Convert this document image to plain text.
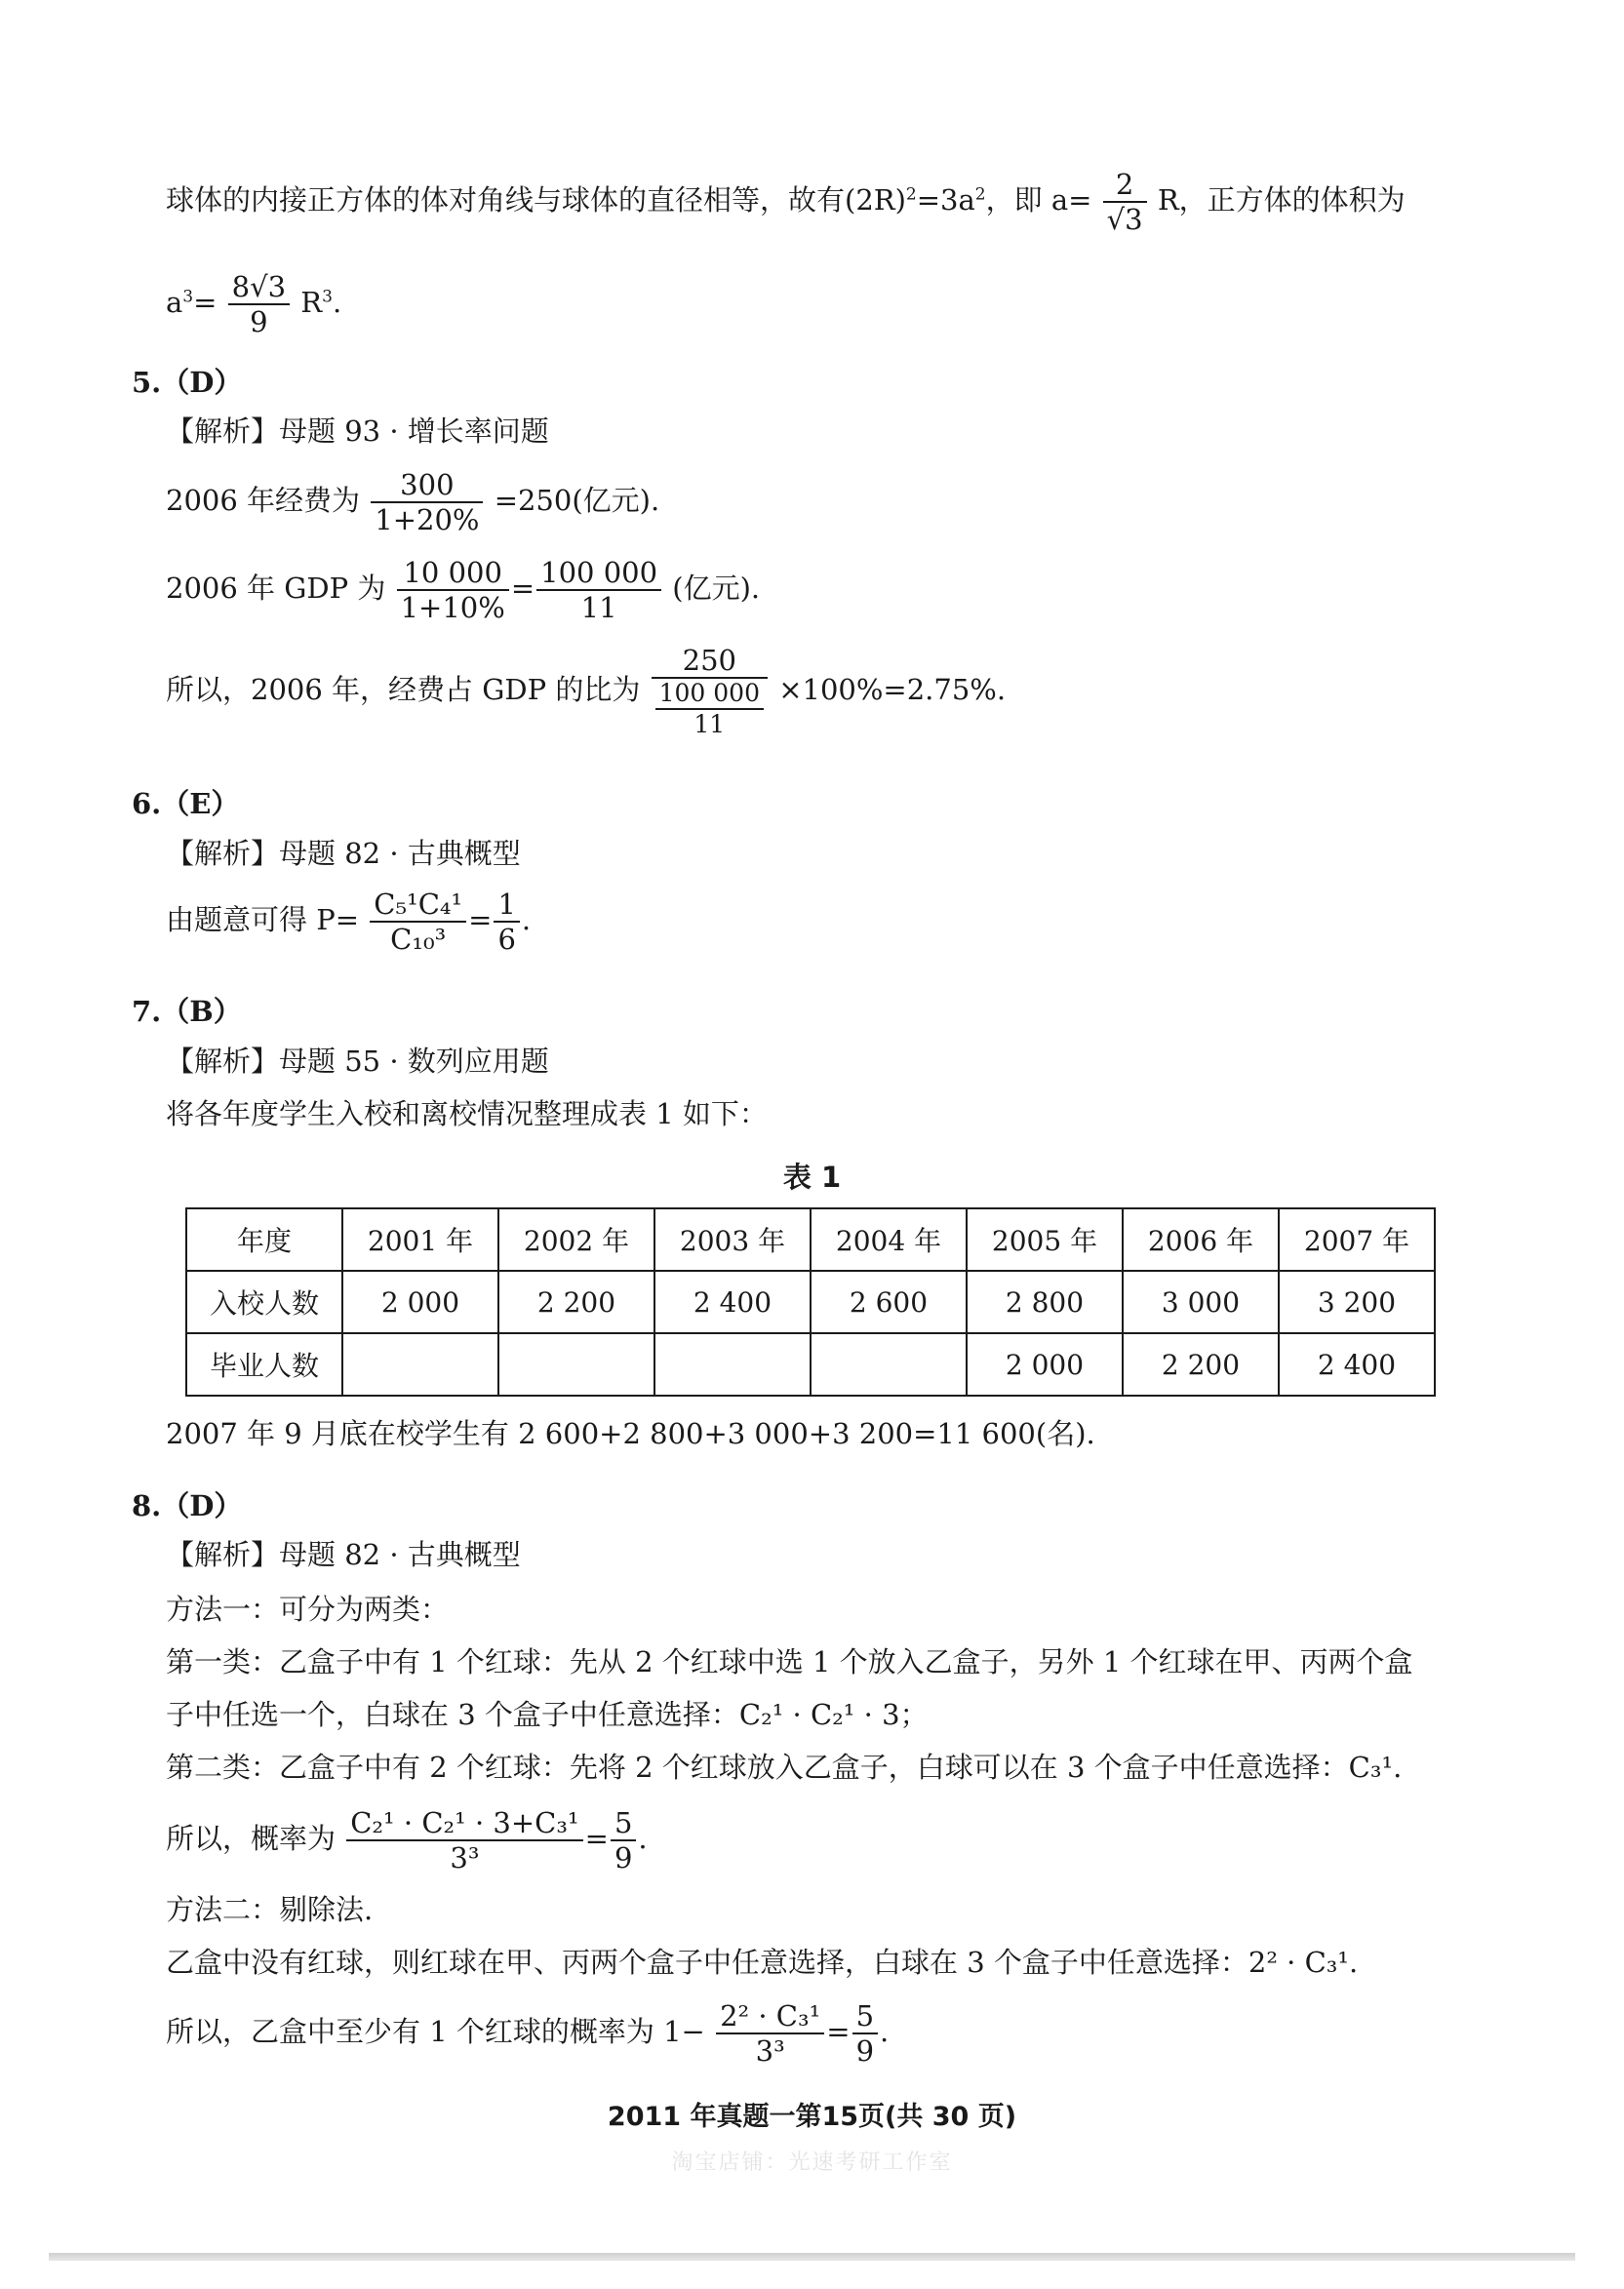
球体的内接正方体的体对角线与球体的直径相等，故有$(2R)^2=3a^2$，即 $a= \frac{2}{√3}$ R，正方体的体积为
$a^3= \frac{8√3}{9} R^3$.
5.（D）
【解析】母题 93 · 增长率问题
2006 年经费为 $\frac{300}{1+20\%} =250$(亿元).
2006 年 GDP 为 $\frac{10 000}{1+10\%} = \frac{100 000}{11}$ (亿元).
所以，2006 年，经费占 GDP 的比为 $\frac{250}{\frac{100 000}{11}} \times 100\%=2.75\%$.
6.（E）
【解析】母题 82 · 古典概型
由题意可得 $P= \frac{\text{C₅¹C₄¹}}{\text{C₁₀³}} = \frac{1}{6}$ .
7.（B）
【解析】母题 55 · 数列应用题
将各年度学生入校和离校情况整理成表 1 如下：
表 1
年度	2001 年	2002 年	2003 年	2004 年	2005 年	2006 年	2007 年
入校人数	2 000	2 200	2 400	2 600	2 800	3 000	3 200
毕业人数					2 000	2 200	2 400
2007 年 9 月底在校学生有 2 600+2 800+3 000+3 200=11 600(名).
8.（D）
【解析】母题 82 · 古典概型
方法一：可分为两类：
第一类：乙盒子中有 1 个红球：先从 2 个红球中选 1 个放入乙盒子，另外 1 个红球在甲、丙两个盒
子中任选一个，白球在 3 个盒子中任意选择：C₂¹ · C₂¹ · 3；
第二类：乙盒子中有 2 个红球：先将 2 个红球放入乙盒子，白球可以在 3 个盒子中任意选择：C₃¹.
所以，概率为 $\frac{\text{C₂¹ · C₂¹ · 3+C₃¹}}{\text{3³}} = \frac{5}{9}$ .
方法二：剔除法.
乙盒中没有红球，则红球在甲、丙两个盒子中任意选择，白球在 3 个盒子中任意选择：2² · C₃¹.
所以，乙盒中至少有 1 个红球的概率为 $1- \frac{\text{2² · C₃¹}}{\text{3³}} = \frac{5}{9}$ .
2011 年真题一第15页(共 30 页)
淘宝店铺：光速考研工作室
